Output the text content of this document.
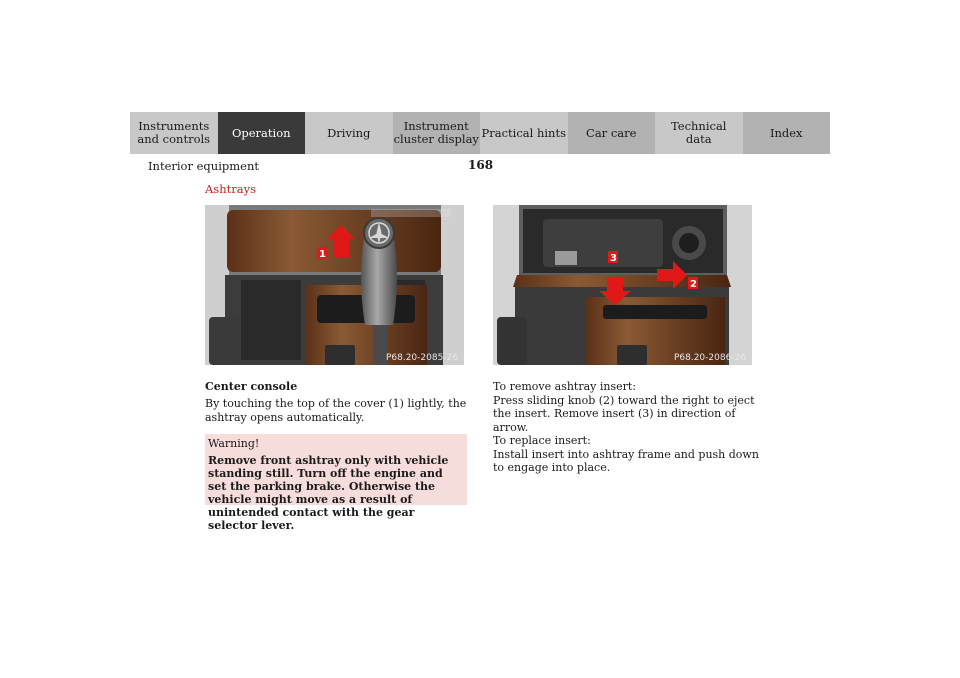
Instruments
and controls Operation	Driving	Instrument
cluster display Practical hints Car care	Technical
data	Index
Interior equipment	168
Ashtrays
1
P68.20-2085-26
3
2
P68.20-2086-26
Center console
By touching the top of the cover (1) lightly, the ashtray opens automatically.
Warning!
Remove front ashtray only with vehicle standing still. Turn off the engine and set the parking brake. Otherwise the vehicle might move as a result of unintended contact with the gear selector lever.
To remove ashtray insert:
Press sliding knob (2) toward the right to eject the insert. Remove insert (3) in direction of arrow.
To replace insert:
Install insert into ashtray frame and push down to engage into place.
